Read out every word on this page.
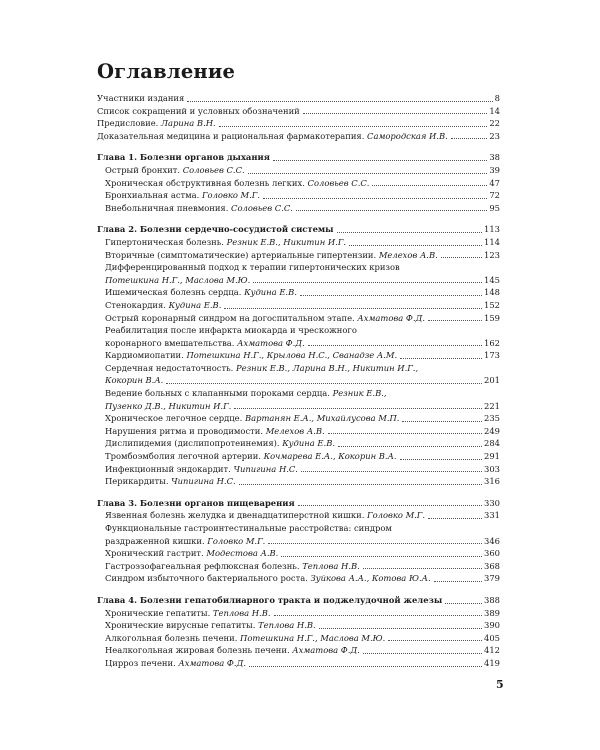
Оглавление
Участники издания	8
Список сокращений и условных обозначений	14
Предисловие. Ларина В.Н.	22
Доказательная медицина и рациональная фармакотерапия. Самородская И.В.	23
Глава 1. Болезни органов дыхания	38
Острый бронхит. Соловьев С.С.	39
Хроническая обструктивная болезнь легких. Соловьев С.С.	47
Бронхиальная астма. Головко М.Г.	72
Внебольничная пневмония. Соловьев С.С.	95
Глава 2. Болезни сердечно-сосудистой системы	113
Гипертоническая болезнь. Резник Е.В., Никитин И.Г.	114
Вторичные (симптоматические) артериальные гипертензии. Мелехов А.В.	123
Дифференцированный подход к терапии гипертонических кризов
Потешкина Н.Г., Маслова М.Ю.	145
Ишемическая болезнь сердца. Кудина Е.В.	148
Стенокардия. Кудина Е.В.	152
Острый коронарный синдром на догоспитальном этапе. Ахматова Ф.Д.	159
Реабилитация после инфаркта миокарда и чрескожного
коронарного вмешательства. Ахматова Ф.Д.	162
Кардиомиопатии. Потешкина Н.Г., Крылова Н.С., Сванадзе А.М.	173
Сердечная недостаточность. Резник Е.В., Ларина В.Н., Никитин И.Г.,
Кокорин В.А.	201
Ведение больных с клапанными пороками сердца. Резник Е.В.,
Пузенко Д.В., Никитин И.Г.	221
Хроническое легочное сердце. Вартанян Е.А., Михайлусова М.П.	235
Нарушения ритма и проводимости. Мелехов А.В.	249
Дислипидемия (дислипопротеинемия). Кудина Е.В.	284
Тромбоэмболия легочной артерии. Кочмарева Е.А., Кокорин В.А.	291
Инфекционный эндокардит. Чипигина Н.С.	303
Перикардиты. Чипигина Н.С.	316
Глава 3. Болезни органов пищеварения	330
Язвенная болезнь желудка и двенадцатиперстной кишки. Головко М.Г.	331
Функциональные гастроинтестинальные расстройства: синдром
раздраженной кишки. Головко М.Г.	346
Хронический гастрит. Модестова А.В.	360
Гастроэзофагеальная рефлюксная болезнь. Теплова Н.В.	368
Синдром избыточного бактериального роста. Зуйкова А.А., Котова Ю.А.	379
Глава 4. Болезни гепатобилиарного тракта и поджелудочной железы	388
Хронические гепатиты. Теплова Н.В.	389
Хронические вирусные гепатиты. Теплова Н.В.	390
Алкогольная болезнь печени. Потешкина Н.Г., Маслова М.Ю.	405
Неалкогольная жировая болезнь печени. Ахматова Ф.Д.	412
Цирроз печени. Ахматова Ф.Д.	419
5
